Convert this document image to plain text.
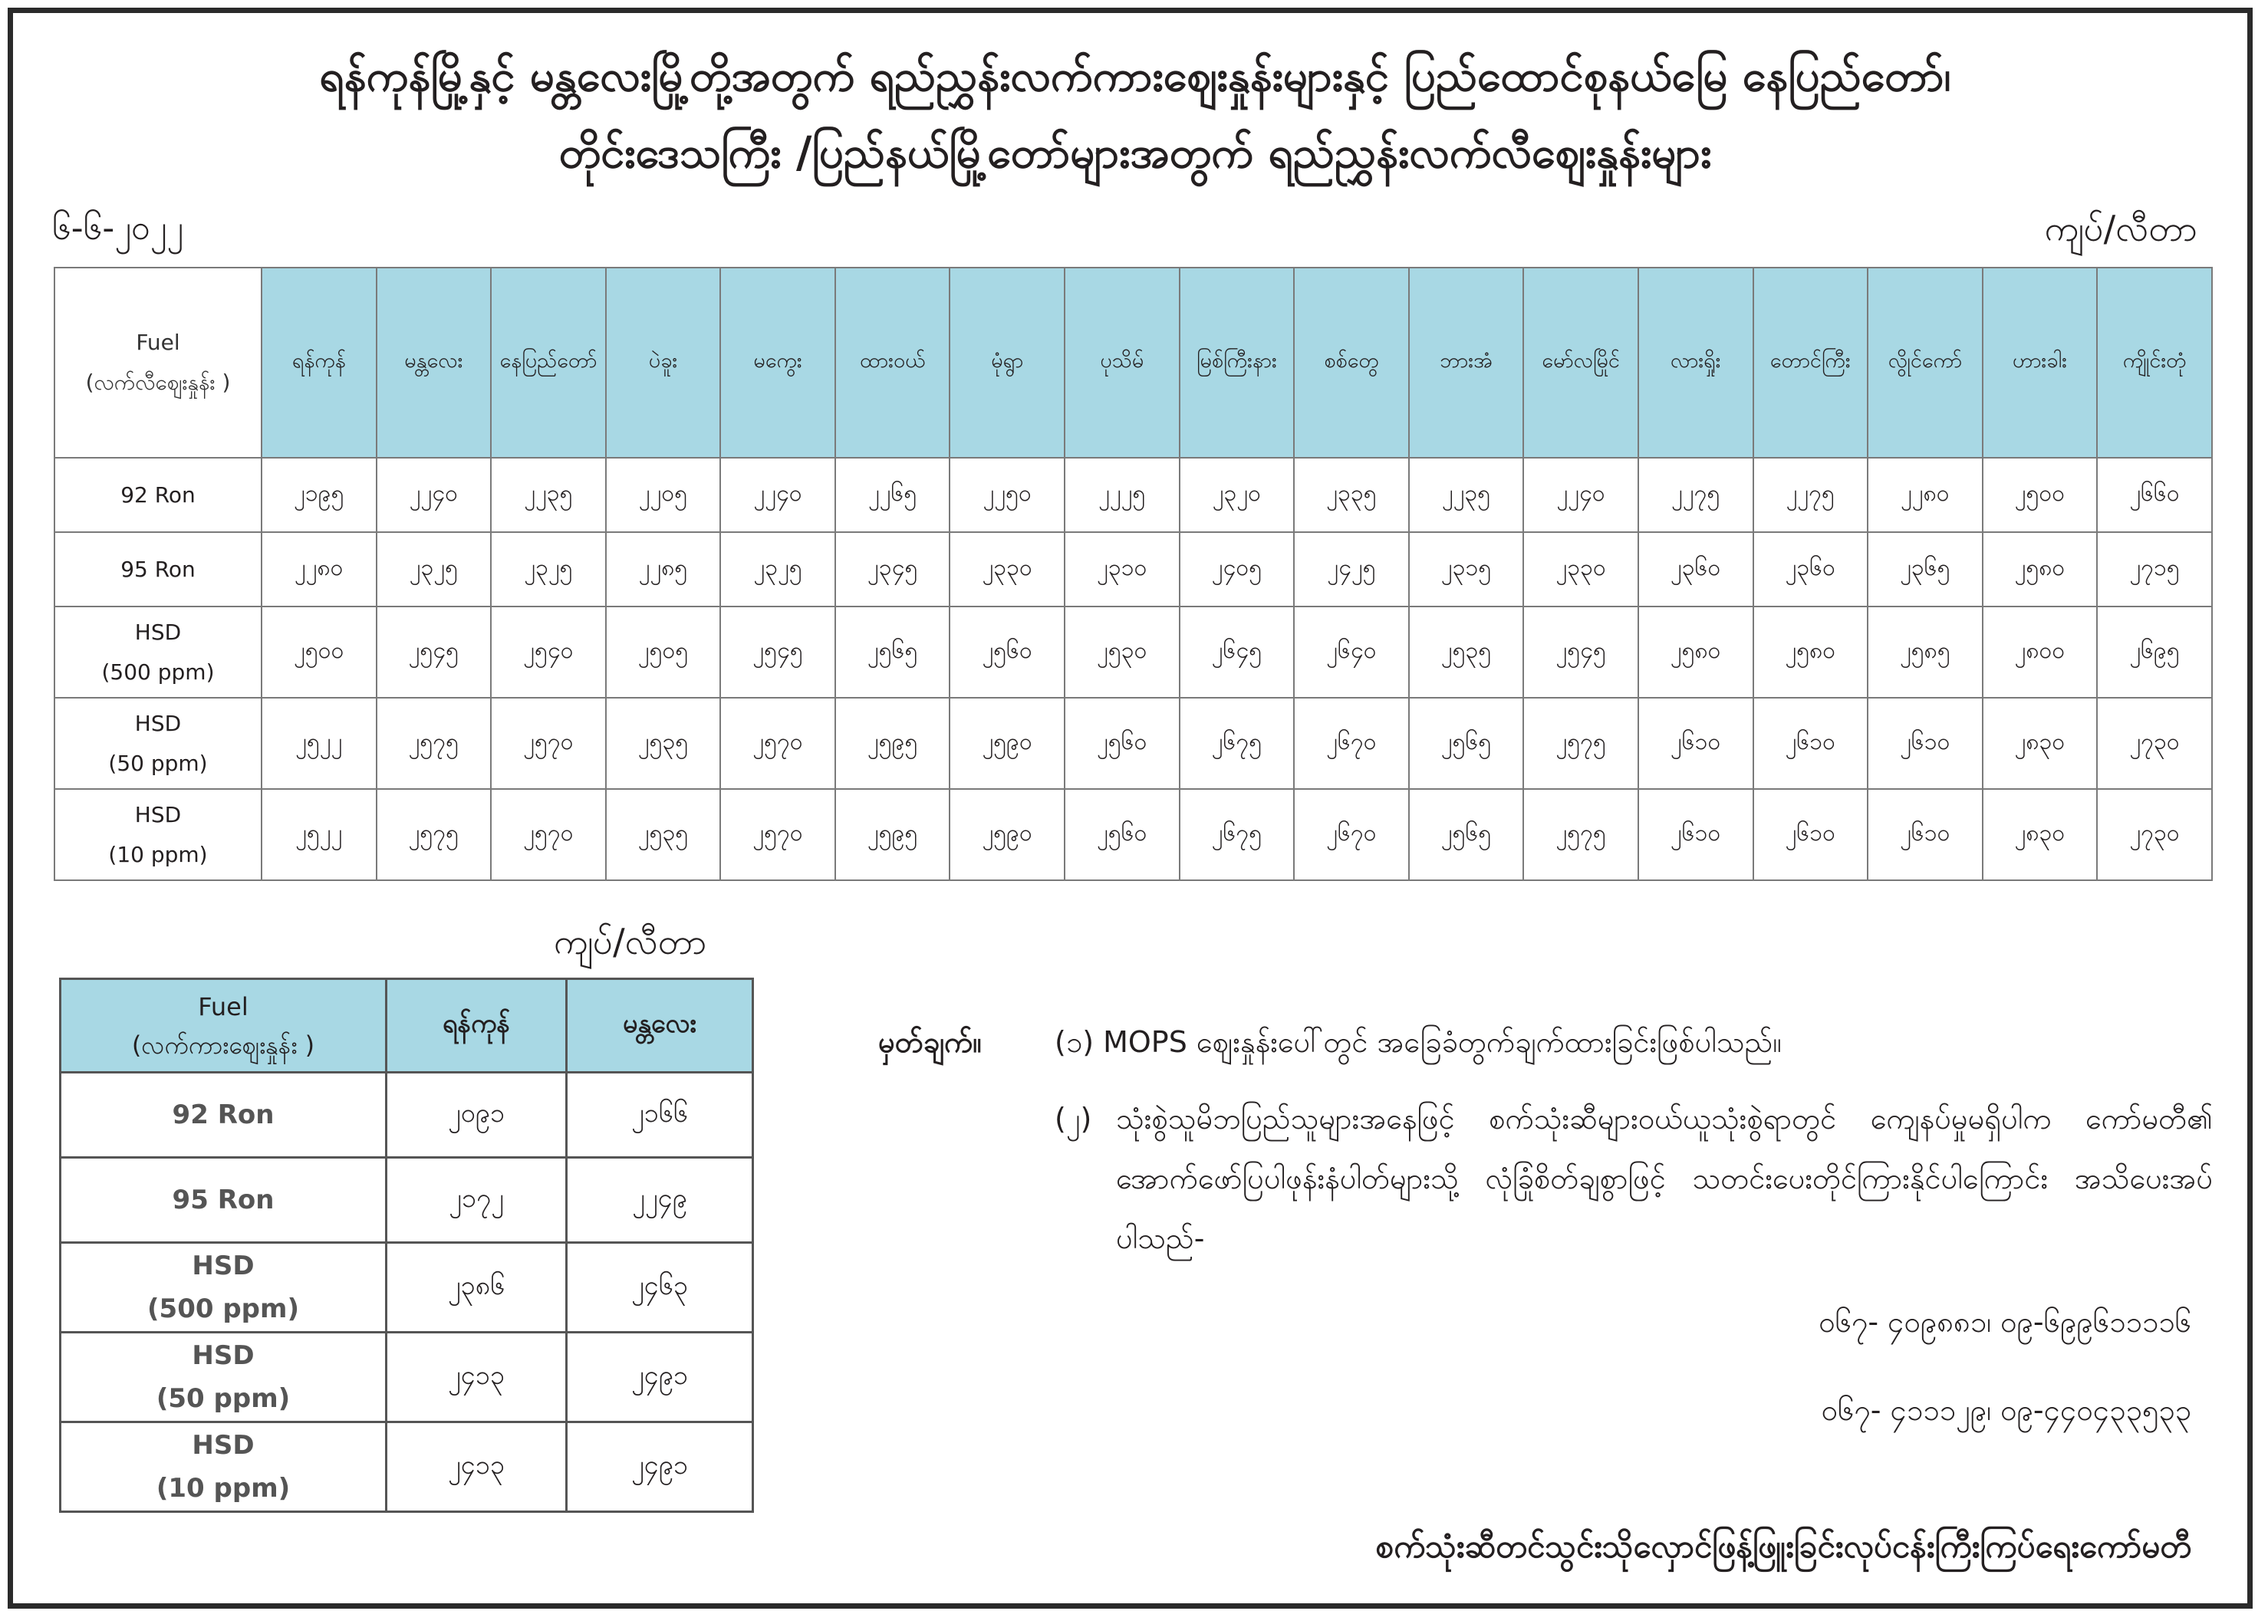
ရန်ကုန်မြို့နှင့် မန္တလေးမြို့တို့အတွက် ရည်ညွှန်းလက်ကားဈေးနှုန်းများနှင့် ပြည်ထောင်စုနယ်မြေ နေပြည်တော်၊
တိုင်းဒေသကြီး /ပြည်နယ်မြို့တော်များအတွက် ရည်ညွှန်းလက်လီဈေးနှုန်းများ
၆-၆-၂၀၂၂	ကျပ်/လီတာ
Fuel
(လက်လီဈေးနှုန်း )	ရန်ကုန်	မန္တလေး	နေပြည်တော်	ပဲခူး	မကွေး	ထားဝယ်	မုံရွာ	ပုသိမ်	မြစ်ကြီးနား	စစ်တွေ	ဘားအံ	မော်လမြိုင်	လားရှိုး	တောင်ကြီး	လွိုင်ကော်	ဟားခါး	ကျိုင်းတုံ

92 Ron	၂၁၉၅	၂၂၄၀	၂၂၃၅	၂၂၀၅	၂၂၄၀	၂၂၆၅	၂၂၅၀	၂၂၂၅	၂၃၂၀	၂၃၃၅	၂၂၃၅	၂၂၄၀	၂၂၇၅	၂၂၇၅	၂၂၈၀	၂၅၀၀	၂၆၆၀

95 Ron	၂၂၈၀	၂၃၂၅	၂၃၂၅	၂၂၈၅	၂၃၂၅	၂၃၄၅	၂၃၃၀	၂၃၁၀	၂၄၀၅	၂၄၂၅	၂၃၁၅	၂၃၃၀	၂၃၆၀	၂၃၆၀	၂၃၆၅	၂၅၈၀	၂၇၁၅

HSD
(500 ppm)	၂၅၀၀	၂၅၄၅	၂၅၄၀	၂၅၀၅	၂၅၄၅	၂၅၆၅	၂၅၆၀	၂၅၃၀	၂၆၄၅	၂၆၄၀	၂၅၃၅	၂၅၄၅	၂၅၈၀	၂၅၈၀	၂၅၈၅	၂၈၀၀	၂၆၉၅

HSD
(50 ppm)	၂၅၂၂	၂၅၇၅	၂၅၇၀	၂၅၃၅	၂၅၇၀	၂၅၉၅	၂၅၉၀	၂၅၆၀	၂၆၇၅	၂၆၇၀	၂၅၆၅	၂၅၇၅	၂၆၁၀	၂၆၁၀	၂၆၁၀	၂၈၃၀	၂၇၃၀

HSD
(10 ppm)	၂၅၂၂	၂၅၇၅	၂၅၇၀	၂၅၃၅	၂၅၇၀	၂၅၉၅	၂၅၉၀	၂၅၆၀	၂၆၇၅	၂၆၇၀	၂၅၆၅	၂၅၇၅	၂၆၁၀	၂၆၁၀	၂၆၁၀	၂၈၃၀	၂၇၃၀
ကျပ်/လီတာ
Fuel
(လက်ကားဈေးနှုန်း )	ရန်ကုန်	မန္တလေး

92 Ron	၂၀၉၁	၂၁၆၆

95 Ron	၂၁၇၂	၂၂၄၉

HSD
(500 ppm)	၂၃၈၆	၂၄၆၃

HSD
(50 ppm)	၂၄၁၃	၂၄၉၁

HSD
(10 ppm)	၂၄၁၃	၂၄၉၁
မှတ်ချက်။	(၁) MOPS ဈေးနှုန်းပေါ်တွင် အခြေခံတွက်ချက်ထားခြင်းဖြစ်ပါသည်။
(၂) သုံးစွဲသူမိဘပြည်သူများအနေဖြင့် စက်သုံးဆီများဝယ်ယူသုံးစွဲရာတွင် ကျေနပ်မှုမရှိပါက ကော်မတီ၏ အောက်ဖော်ပြပါဖုန်းနံပါတ်များသို့ လုံခြုံစိတ်ချစွာဖြင့် သတင်းပေးတိုင်ကြားနိုင်ပါကြောင်း အသိပေးအပ်ပါသည်-
၀၆၇- ၄၀၉၈၈၁၊ ၀၉-၆၉၉၆၁၁၁၁၆
၀၆၇- ၄၁၁၁၂၉၊ ၀၉-၄၄၀၄၃၃၅၃၃
စက်သုံးဆီတင်သွင်းသိုလှောင်ဖြန့်ဖြူးခြင်းလုပ်ငန်းကြီးကြပ်ရေးကော်မတီ
